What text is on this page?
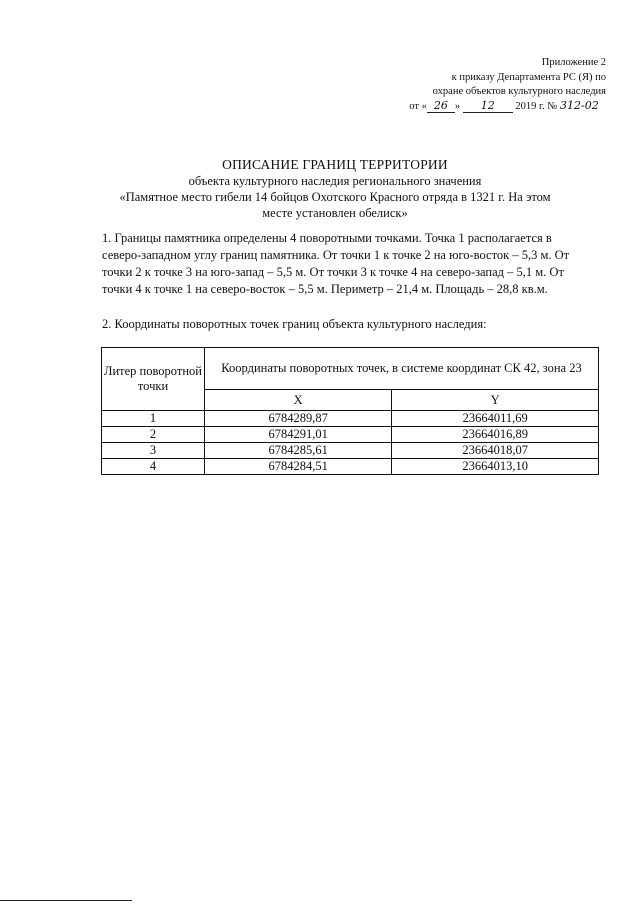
Приложение 2
к приказу Департамента РС (Я) по
охране объектов культурного наследия
от « 26 » 12 2019 г. № 312-02
ОПИСАНИЕ ГРАНИЦ ТЕРРИТОРИИ
объекта культурного наследия регионального значения
«Памятное место гибели 14 бойцов Охотского Красного отряда в 1321 г. На этом
месте установлен обелиск»
1. Границы памятника определены 4 поворотными точками. Точка 1 располагается в северо-западном углу границ памятника. От точки 1 к точке 2 на юго-восток – 5,3 м. От точки 2 к точке 3 на юго-запад – 5,5 м. От точки 3 к точке 4 на северо-запад – 5,1 м. От точки 4 к точке 1 на северо-восток – 5,5 м. Периметр – 21,4 м. Площадь – 28,8 кв.м.
2. Координаты поворотных точек границ объекта культурного наследия:
Литер поворотной точки	Координаты поворотных точек, в системе координат СК 42, зона 23	
	X	Y
1	6784289,87	23664011,69
2	6784291,01	23664016,89
3	6784285,61	23664018,07
4	6784284,51	23664013,10
